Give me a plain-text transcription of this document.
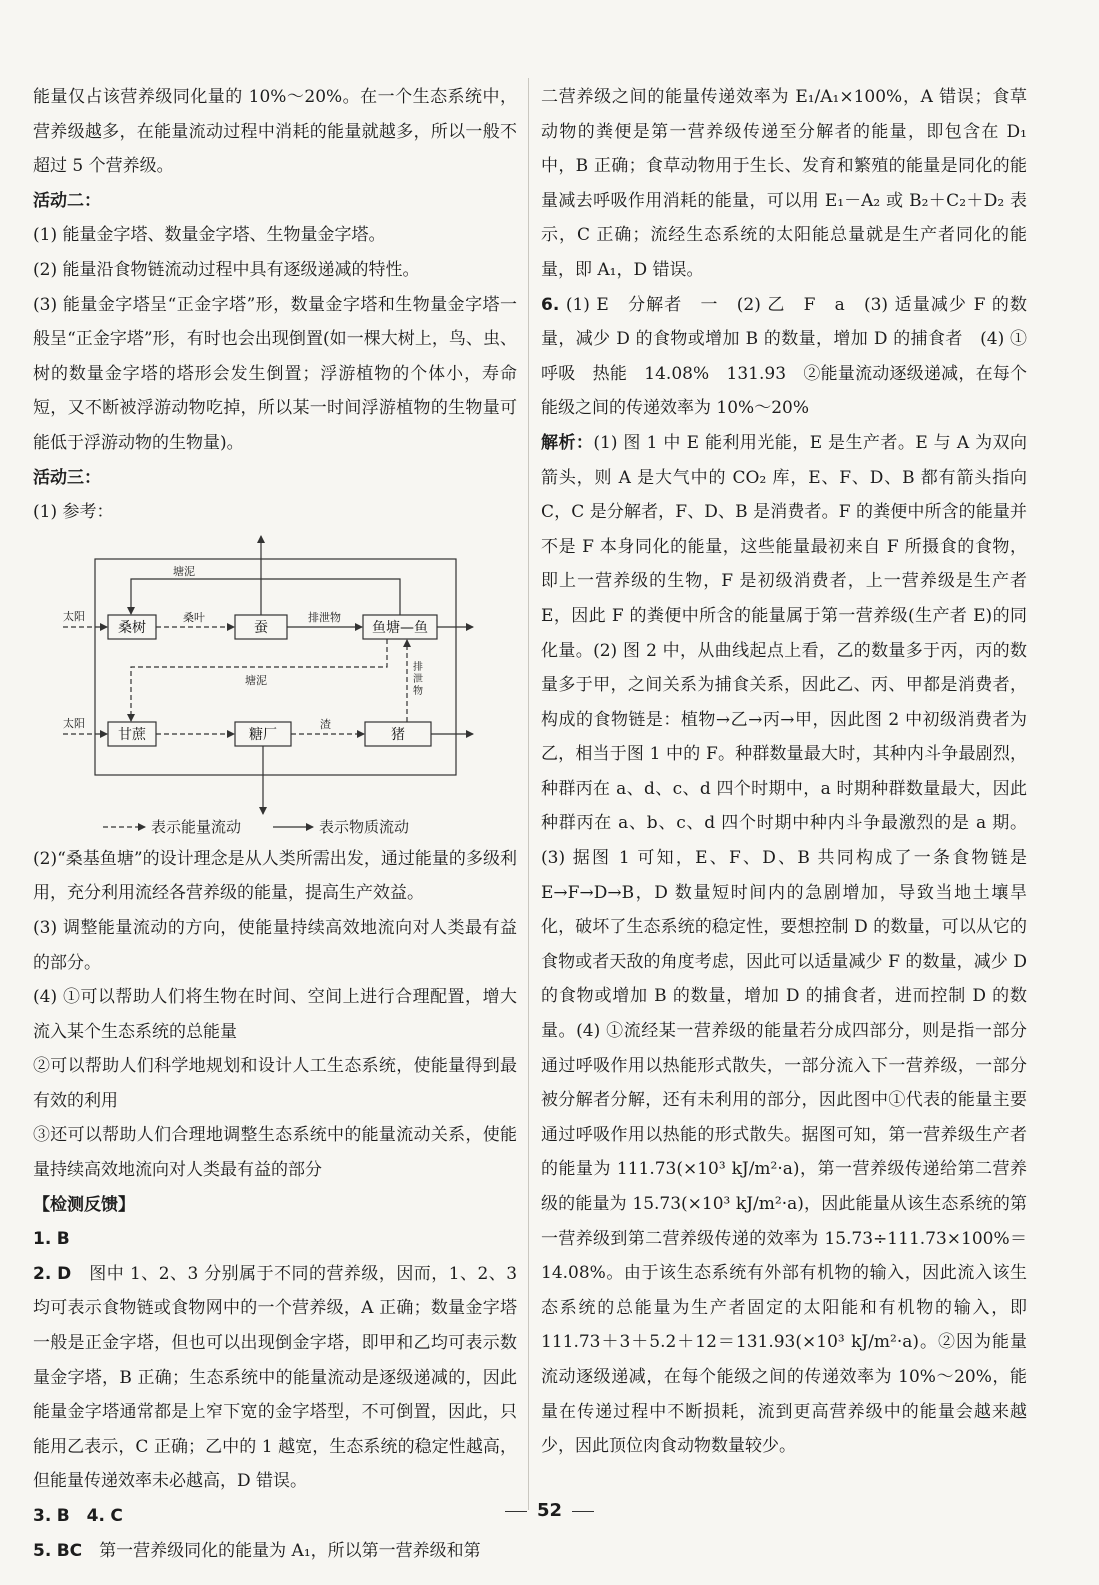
能量仅占该营养级同化量的 10%～20%。在一个生态系统中，营养级越多，在能量流动过程中消耗的能量就越多，所以一般不超过 5 个营养级。

活动二：

(1) 能量金字塔、数量金字塔、生物量金字塔。

(2) 能量沿食物链流动过程中具有逐级递减的特性。

(3) 能量金字塔呈“正金字塔”形，数量金字塔和生物量金字塔一般呈“正金字塔”形，有时也会出现倒置(如一棵大树上，鸟、虫、树的数量金字塔的塔形会发生倒置；浮游植物的个体小，寿命短，又不断被浮游动物吃掉，所以某一时间浮游植物的生物量可能低于浮游动物的生物量)。

活动三：

(1) 参考：

太阳
太阳
塘泥
桑叶	排泄物
塘泥
渣
排泄物
桑树	蚕	鱼塘—鱼
甘蔗	糖厂	猪
表示能量流动	表示物质流动

(2)“桑基鱼塘”的设计理念是从人类所需出发，通过能量的多级利用，充分利用流经各营养级的能量，提高生产效益。

(3) 调整能量流动的方向，使能量持续高效地流向对人类最有益的部分。

(4) ①可以帮助人们将生物在时间、空间上进行合理配置，增大流入某个生态系统的总能量

②可以帮助人们科学地规划和设计人工生态系统，使能量得到最有效的利用

③还可以帮助人们合理地调整生态系统中的能量流动关系，使能量持续高效地流向对人类最有益的部分

【检测反馈】

1. B

2. D　 图中 1、2、3 分别属于不同的营养级，因而，1、2、3 均可表示食物链或食物网中的一个营养级，A 正确；数量金字塔一般是正金字塔，但也可以出现倒金字塔，即甲和乙均可表示数量金字塔，B 正确；生态系统中的能量流动是逐级递减的，因此能量金字塔通常都是上窄下宽的金字塔型，不可倒置，因此，只能用乙表示，C 正确；乙中的 1 越宽，生态系统的稳定性越高，但能量传递效率未必越高，D 错误。

3. B　 4. C

5. BC　 第一营养级同化的能量为 A₁，所以第一营养级和第

二营养级之间的能量传递效率为 E₁/A₁×100%，A 错误；食草动物的粪便是第一营养级传递至分解者的能量，即包含在 D₁ 中，B 正确；食草动物用于生长、发育和繁殖的能量是同化的能量减去呼吸作用消耗的能量，可以用 E₁－A₂ 或 B₂＋C₂＋D₂ 表示，C 正确；流经生态系统的太阳能总量就是生产者同化的能量，即 A₁，D 错误。

6. (1) E　分解者　一　(2) 乙　F　a　(3) 适量减少 F 的数量，减少 D 的食物或增加 B 的数量，增加 D 的捕食者　(4) ①呼吸　热能　14.08%　131.93　②能量流动逐级递减，在每个能级之间的传递效率为 10%～20%

解析：(1) 图 1 中 E 能利用光能，E 是生产者。E 与 A 为双向箭头，则 A 是大气中的 CO₂ 库，E、F、D、B 都有箭头指向 C，C 是分解者，F、D、B 是消费者。F 的粪便中所含的能量并不是 F 本身同化的能量，这些能量最初来自 F 所摄食的食物，即上一营养级的生物，F 是初级消费者，上一营养级是生产者 E，因此 F 的粪便中所含的能量属于第一营养级(生产者 E)的同化量。(2) 图 2 中，从曲线起点上看，乙的数量多于丙，丙的数量多于甲，之间关系为捕食关系，因此乙、丙、甲都是消费者，构成的食物链是：植物→乙→丙→甲，因此图 2 中初级消费者为乙，相当于图 1 中的 F。种群数量最大时，其种内斗争最剧烈，种群丙在 a、d、c、d 四个时期中，a 时期种群数量最大，因此种群丙在 a、b、c、d 四个时期中种内斗争最激烈的是 a 期。(3) 据图 1 可知，E、F、D、B 共同构成了一条食物链是 E→F→D→B，D 数量短时间内的急剧增加，导致当地土壤旱化，破坏了生态系统的稳定性，要想控制 D 的数量，可以从它的食物或者天敌的角度考虑，因此可以适量减少 F 的数量，减少 D 的食物或增加 B 的数量，增加 D 的捕食者，进而控制 D 的数量。(4) ①流经某一营养级的能量若分成四部分，则是指一部分通过呼吸作用以热能形式散失，一部分流入下一营养级，一部分被分解者分解，还有未利用的部分，因此图中①代表的能量主要通过呼吸作用以热能的形式散失。据图可知，第一营养级生产者的能量为 111.73(×10³ kJ/m²·a)，第一营养级传递给第二营养级的能量为 15.73(×10³ kJ/m²·a)，因此能量从该生态系统的第一营养级到第二营养级传递的效率为 15.73÷111.73×100%＝14.08%。由于该生态系统有外部有机物的输入，因此流入该生态系统的总能量为生产者固定的太阳能和有机物的输入，即 111.73＋3＋5.2＋12＝131.93(×10³ kJ/m²·a)。②因为能量流动逐级递减，在每个能级之间的传递效率为 10%～20%，能量在传递过程中不断损耗，流到更高营养级中的能量会越来越少，因此顶位肉食动物数量较少。

52
